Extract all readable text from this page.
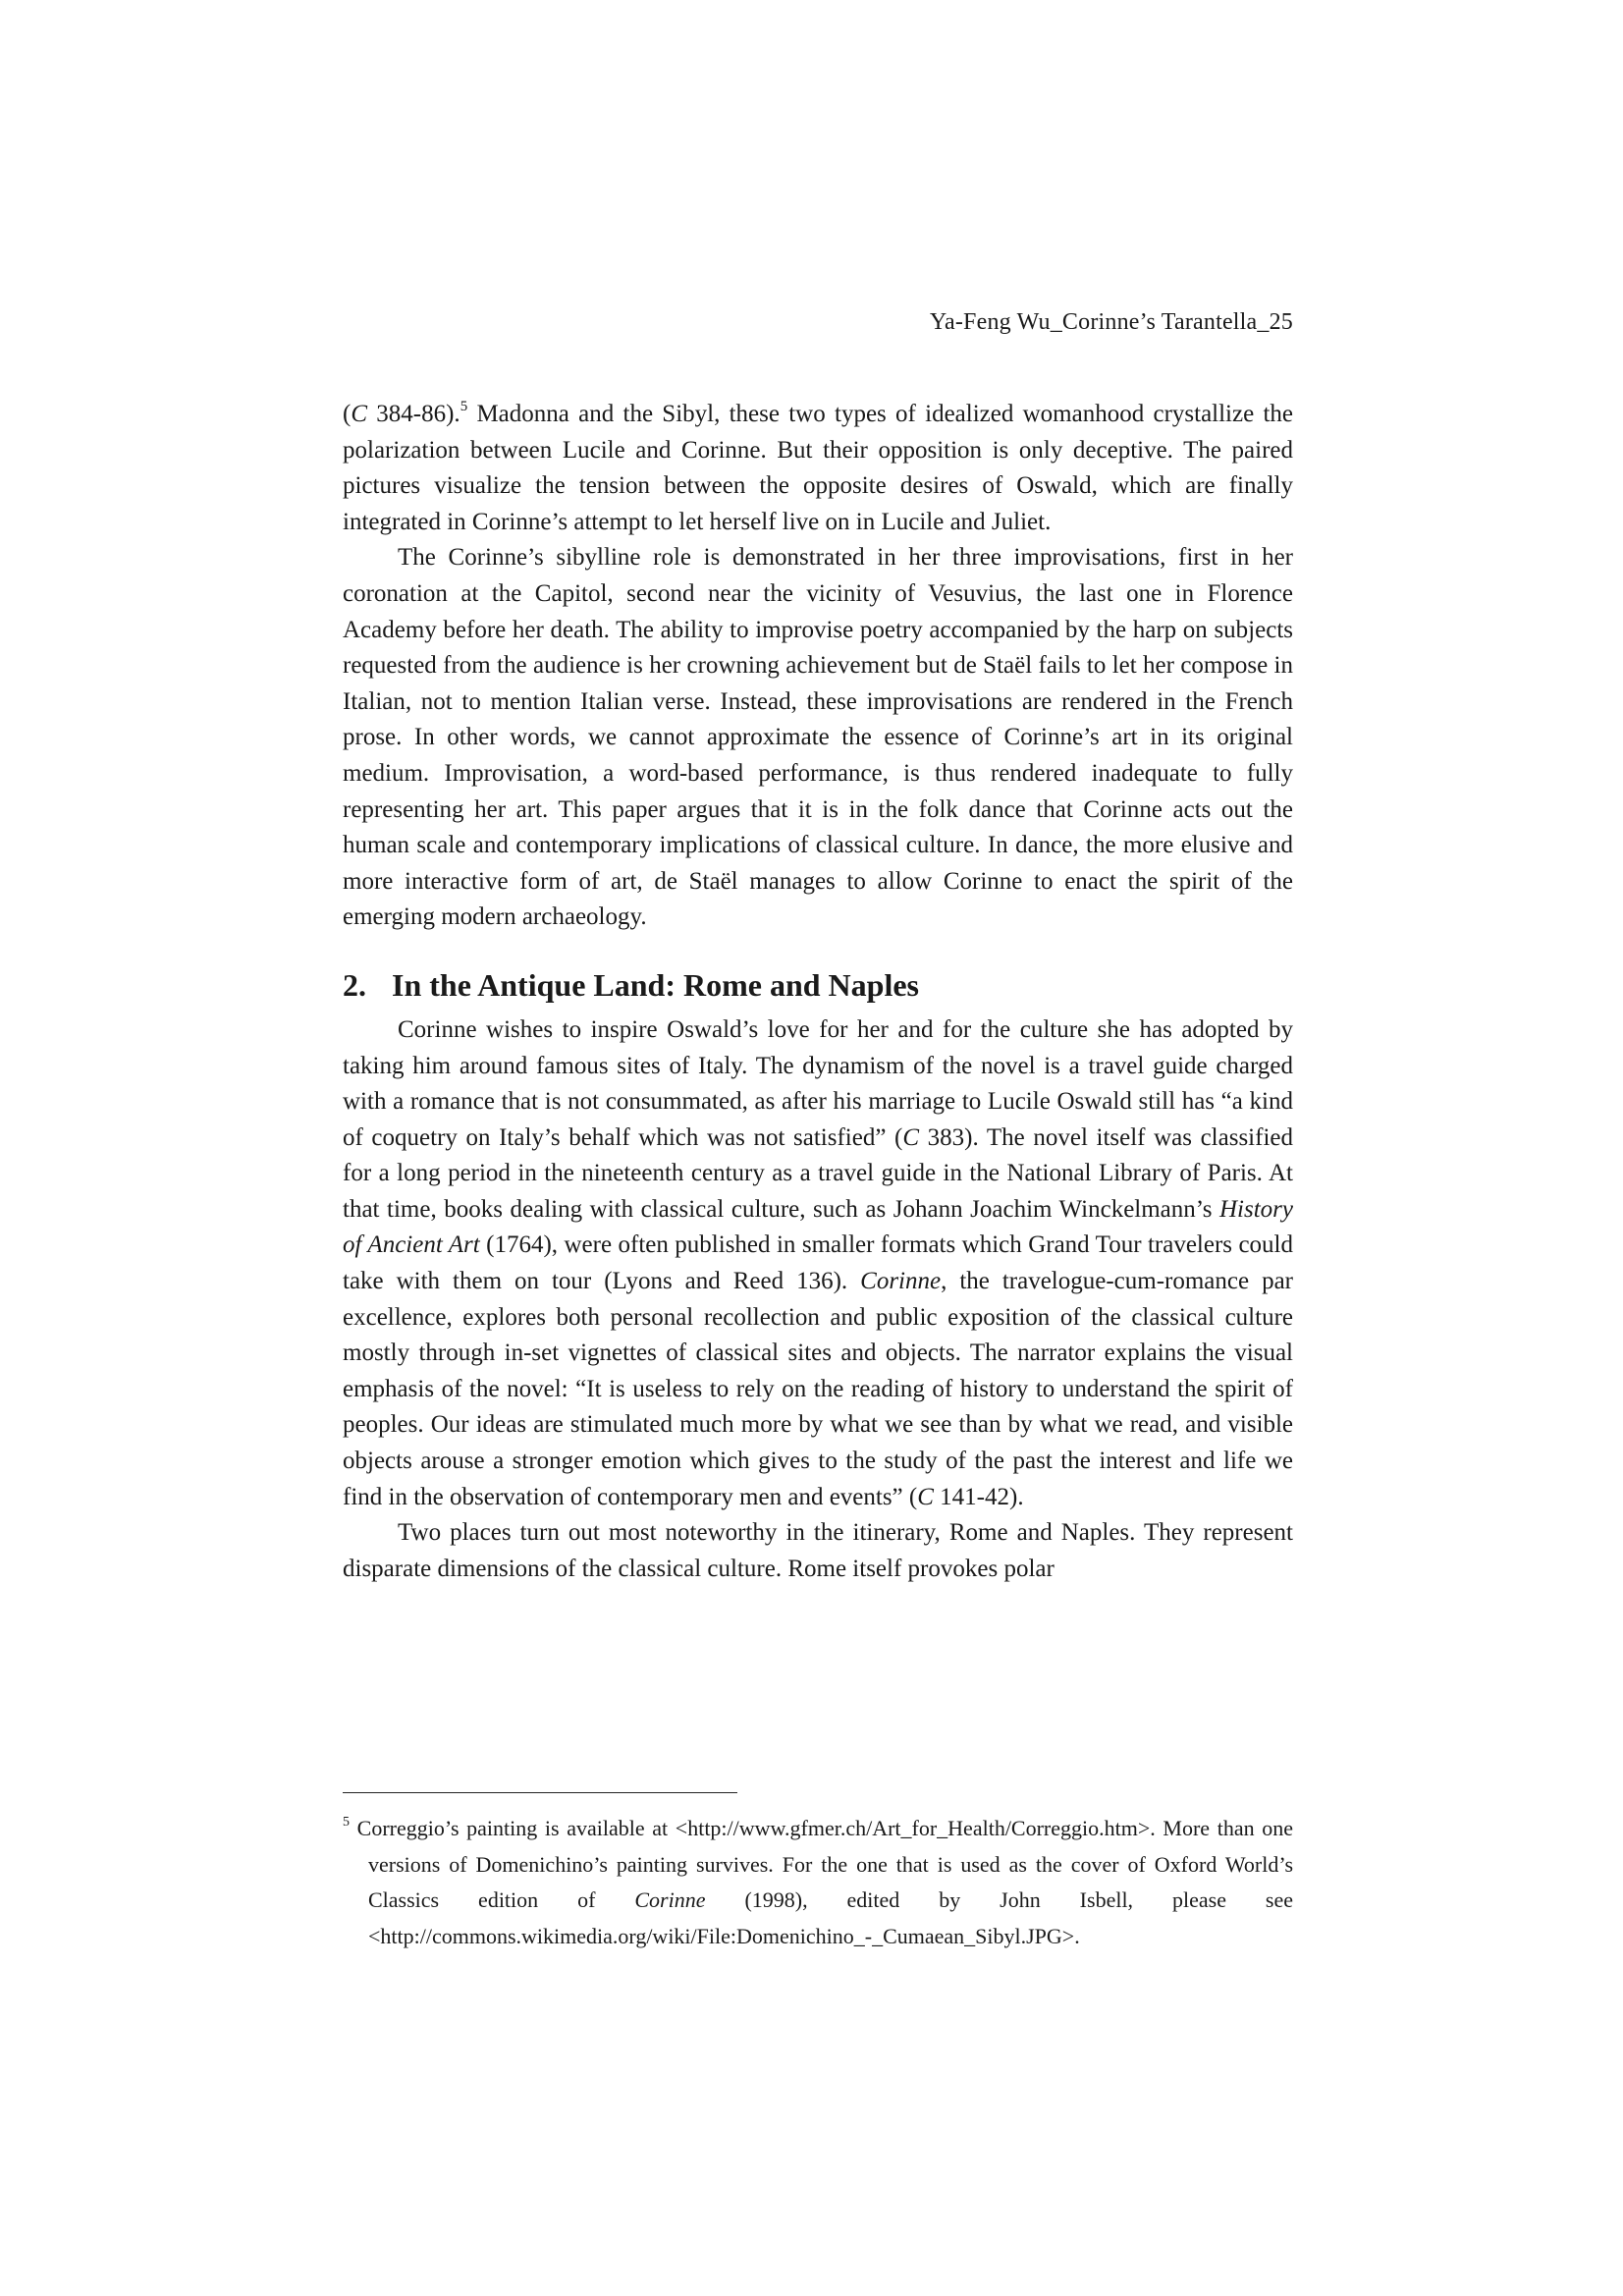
Ya-Feng Wu_Corinne’s Tarantella_25

(C 384-86).$^5$ Madonna and the Sibyl, these two types of idealized womanhood crystallize the polarization between Lucile and Corinne. But their opposition is only deceptive. The paired pictures visualize the tension between the opposite desires of Oswald, which are finally integrated in Corinne’s attempt to let herself live on in Lucile and Juliet.

The Corinne’s sibylline role is demonstrated in her three improvisations, first in her coronation at the Capitol, second near the vicinity of Vesuvius, the last one in Florence Academy before her death. The ability to improvise poetry accompanied by the harp on subjects requested from the audience is her crowning achievement but de Staël fails to let her compose in Italian, not to mention Italian verse. Instead, these improvisations are rendered in the French prose. In other words, we cannot approximate the essence of Corinne’s art in its original medium. Improvisation, a word-based performance, is thus rendered inadequate to fully representing her art. This paper argues that it is in the folk dance that Corinne acts out the human scale and contemporary implications of classical culture. In dance, the more elusive and more interactive form of art, de Staël manages to allow Corinne to enact the spirit of the emerging modern archaeology.

2. In the Antique Land: Rome and Naples

Corinne wishes to inspire Oswald’s love for her and for the culture she has adopted by taking him around famous sites of Italy. The dynamism of the novel is a travel guide charged with a romance that is not consummated, as after his marriage to Lucile Oswald still has “a kind of coquetry on Italy’s behalf which was not satisfied” (C 383). The novel itself was classified for a long period in the nineteenth century as a travel guide in the National Library of Paris. At that time, books dealing with classical culture, such as Johann Joachim Winckelmann’s History of Ancient Art (1764), were often published in smaller formats which Grand Tour travelers could take with them on tour (Lyons and Reed 136). Corinne, the travelogue-cum-romance par excellence, explores both personal recollection and public exposition of the classical culture mostly through in-set vignettes of classical sites and objects. The narrator explains the visual emphasis of the novel: “It is useless to rely on the reading of history to understand the spirit of peoples. Our ideas are stimulated much more by what we see than by what we read, and visible objects arouse a stronger emotion which gives to the study of the past the interest and life we find in the observation of contemporary men and events” (C 141-42).

Two places turn out most noteworthy in the itinerary, Rome and Naples. They represent disparate dimensions of the classical culture. Rome itself provokes polar

$^5$ Correggio’s painting is available at <http://www.gfmer.ch/Art_for_Health/Correggio.htm>. More than one versions of Domenichino’s painting survives. For the one that is used as the cover of Oxford World’s Classics edition of Corinne (1998), edited by John Isbell, please see <http://commons.wikimedia.org/wiki/File:Domenichino_-_Cumaean_Sibyl.JPG>.
